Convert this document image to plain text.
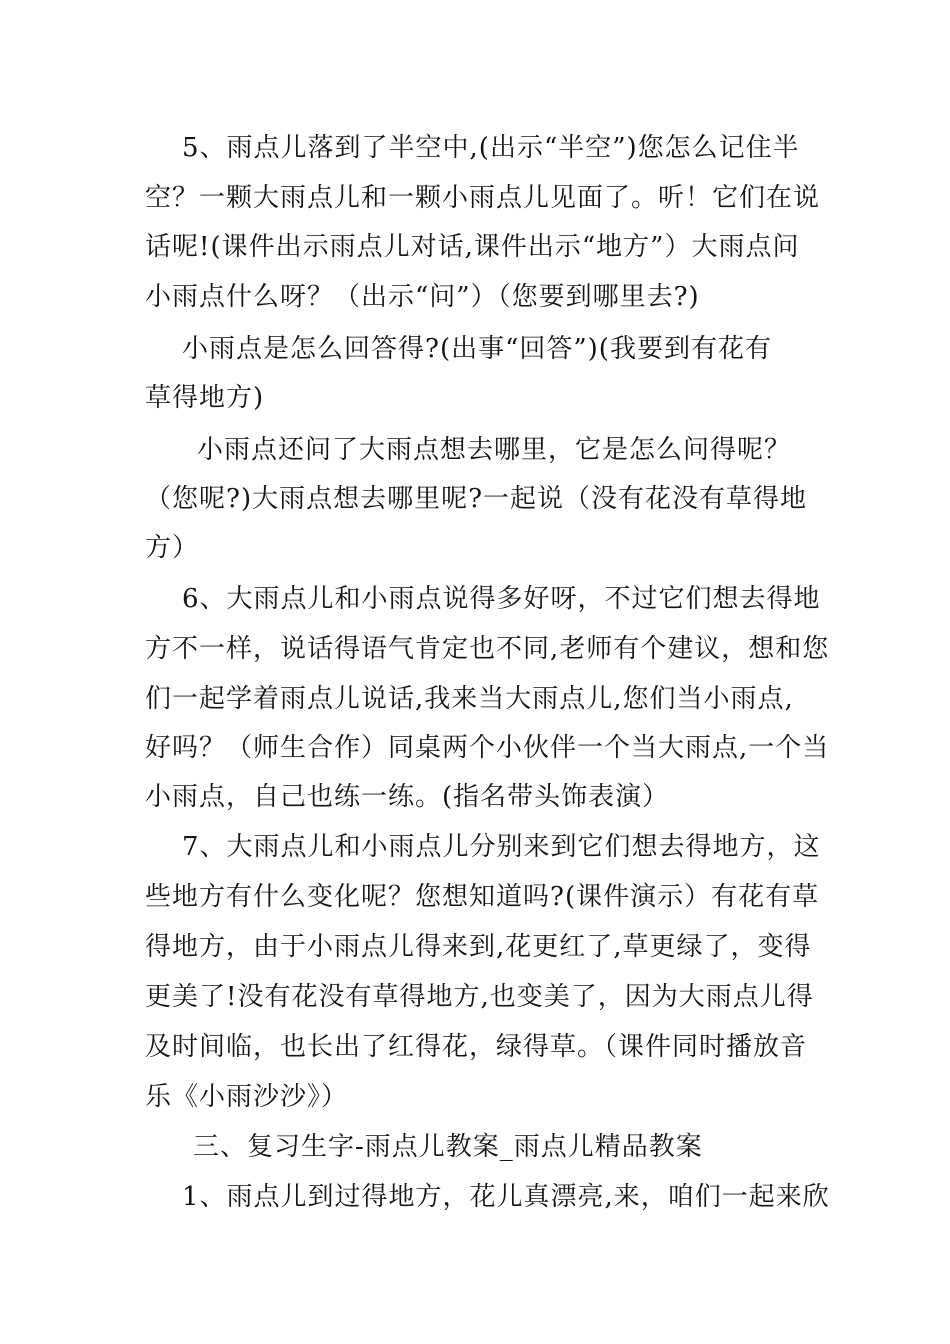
5、雨点儿落到了半空中,(出示“半空”)您怎么记住半
空？一颗大雨点儿和一颗小雨点儿见面了。听！它们在说
话呢!(课件出示雨点儿对话,课件出示“地方”）大雨点问
小雨点什么呀？（出示“问”）（您要到哪里去?)
小雨点是怎么回答得?(出事“回答”)(我要到有花有
草得地方)
小雨点还问了大雨点想去哪里，它是怎么问得呢？
（您呢?)大雨点想去哪里呢?一起说（没有花没有草得地
方）
6、大雨点儿和小雨点说得多好呀，不过它们想去得地
方不一样，说话得语气肯定也不同,老师有个建议，想和您
们一起学着雨点儿说话,我来当大雨点儿,您们当小雨点,
好吗？（师生合作）同桌两个小伙伴一个当大雨点,一个当
小雨点，自己也练一练。(指名带头饰表演）
7、大雨点儿和小雨点儿分别来到它们想去得地方，这
些地方有什么变化呢？您想知道吗?(课件演示）有花有草
得地方，由于小雨点儿得来到,花更红了,草更绿了，变得
更美了!没有花没有草得地方,也变美了，因为大雨点儿得
及时间临，也长出了红得花，绿得草。（课件同时播放音
乐《小雨沙沙》）
三、复习生字-雨点儿教案_雨点儿精品教案
1、雨点儿到过得地方，花儿真漂亮,来，咱们一起来欣
